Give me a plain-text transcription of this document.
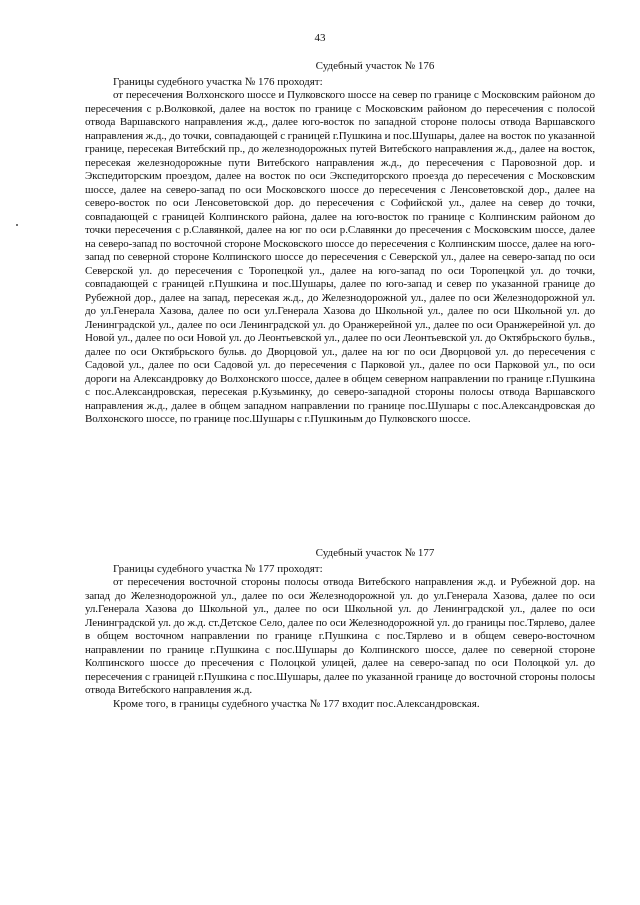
43
Судебный участок № 176

Границы судебного участка № 176 проходят:

от пересечения Волхонского шоссе и Пулковского шоссе на север по границе с Московским районом до пересечения с р.Волковкой, далее на восток по границе с Московским районом до пересечения с полосой отвода Варшавского направления ж.д., далее юго-восток по западной стороне полосы отвода Варшавского направления ж.д., до точки, совпадающей с границей г.Пушкина и пос.Шушары, далее на восток по указанной границе, пересекая Витебский пр., до железнодорожных путей Витебского направления ж.д., далее на восток, пересекая железнодорожные пути Витебского направления ж.д., до пересечения с Паровозной дор. и Экспедиторским проездом, далее на восток по оси Экспедиторского проезда до пересечения с Московским шоссе, далее на северо-запад по оси Московского шоссе до пересечения с Ленсоветовской дор., далее на северо-восток по оси Ленсоветовской дор. до пересечения с Софийской ул., далее на север до точки, совпадающей с границей Колпинского района, далее на юго-восток по границе с Колпинским районом до точки пересечения с р.Славянкой, далее на юг по оси р.Славянки до пресечения с Московским шоссе, далее на северо-запад по восточной стороне Московского шоссе до пересечения с Колпинским шоссе, далее на юго-запад по северной стороне Колпинского шоссе до пересечения с Северской ул., далее на северо-запад по оси Северской ул. до пересечения с Торопецкой ул., далее на юго-запад по оси Торопецкой ул. до точки, совпадающей с границей г.Пушкина и пос.Шушары, далее по юго-запад и север по указанной границе до Рубежной дор., далее на запад, пересекая ж.д., до Железнодорожной ул., далее по оси Железнодорожной ул. до ул.Генерала Хазова, далее по оси ул.Генерала Хазова до Школьной ул., далее по оси Школьной ул. до Ленинградской ул., далее по оси Ленинградской ул. до Оранжерейной ул., далее по оси Оранжерейной ул. до Новой ул., далее по оси Новой ул. до Леонтьевской ул., далее по оси Леонтьевской ул. до Октябрьского бульв., далее по оси Октябрьского бульв. до Дворцовой ул., далее на юг по оси Дворцовой ул. до пересечения с Садовой ул., далее по оси Садовой ул. до пересечения с Парковой ул., далее по оси Парковой ул., по оси дороги на Александровку до Волхонского шоссе, далее в общем северном направлении по границе г.Пушкина с пос.Александровская, пересекая р.Кузьминку, до северо-западной стороны полосы отвода Варшавского направления ж.д., далее в общем западном направлении по границе пос.Шушары с пос.Александровская до Волхонского шоссе, по границе пос.Шушары с г.Пушкиным до Пулковского шоссе.

Судебный участок № 177

Границы судебного участка № 177 проходят:

от пересечения восточной стороны полосы отвода Витебского направления ж.д. и Рубежной дор. на запад до Железнодорожной ул., далее по оси Железнодорожной ул. до ул.Генерала Хазова, далее по оси ул.Генерала Хазова до Школьной ул., далее по оси Школьной ул. до Ленинградской ул., далее по оси Ленинградской ул. до ж.д. ст.Детское Село, далее по оси Железнодорожной ул. до границы пос.Тярлево, далее в общем восточном направлении по границе г.Пушкина с пос.Тярлево и в общем северо-восточном направлении по границе г.Пушкина с пос.Шушары до Колпинского шоссе, далее по северной стороне Колпинского шоссе до пресечения с Полоцкой улицей, далее на северо-запад по оси Полоцкой ул. до пересечения с границей г.Пушкина с пос.Шушары, далее по указанной границе до восточной стороны полосы отвода Витебского направления ж.д.

Кроме того, в границы судебного участка № 177 входит пос.Александровская.
